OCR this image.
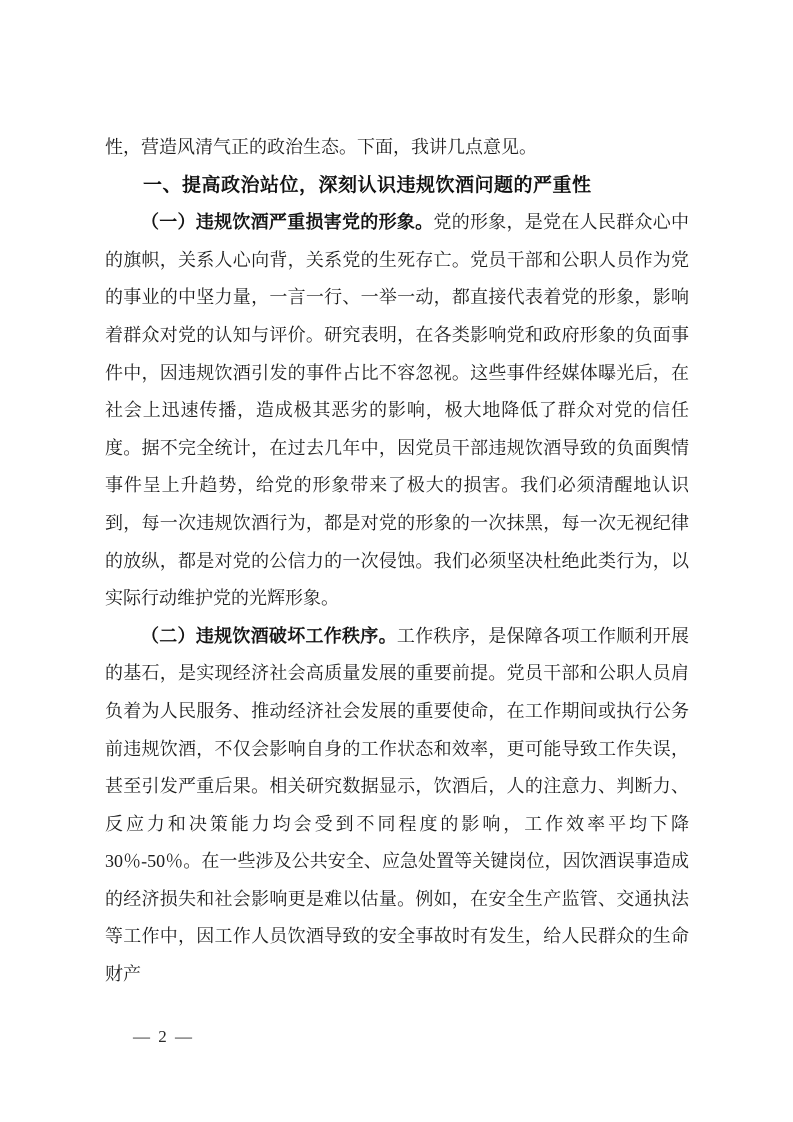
性，营造风清气正的政治生态。下面，我讲几点意见。

一、提高政治站位，深刻认识违规饮酒问题的严重性

（一）违规饮酒严重损害党的形象。党的形象，是党在人民群众心中的旗帜，关系人心向背，关系党的生死存亡。党员干部和公职人员作为党的事业的中坚力量，一言一行、一举一动，都直接代表着党的形象，影响着群众对党的认知与评价。研究表明，在各类影响党和政府形象的负面事件中，因违规饮酒引发的事件占比不容忽视。这些事件经媒体曝光后，在社会上迅速传播，造成极其恶劣的影响，极大地降低了群众对党的信任度。据不完全统计，在过去几年中，因党员干部违规饮酒导致的负面舆情事件呈上升趋势，给党的形象带来了极大的损害。我们必须清醒地认识到，每一次违规饮酒行为，都是对党的形象的一次抹黑，每一次无视纪律的放纵，都是对党的公信力的一次侵蚀。我们必须坚决杜绝此类行为，以实际行动维护党的光辉形象。

（二）违规饮酒破坏工作秩序。工作秩序，是保障各项工作顺利开展的基石，是实现经济社会高质量发展的重要前提。党员干部和公职人员肩负着为人民服务、推动经济社会发展的重要使命，在工作期间或执行公务前违规饮酒，不仅会影响自身的工作状态和效率，更可能导致工作失误，甚至引发严重后果。相关研究数据显示，饮酒后，人的注意力、判断力、反应力和决策能力均会受到不同程度的影响，工作效率平均下降30％-50％。在一些涉及公共安全、应急处置等关键岗位，因饮酒误事造成的经济损失和社会影响更是难以估量。例如，在安全生产监管、交通执法等工作中，因工作人员饮酒导致的安全事故时有发生，给人民群众的生命财产

— 2 —
